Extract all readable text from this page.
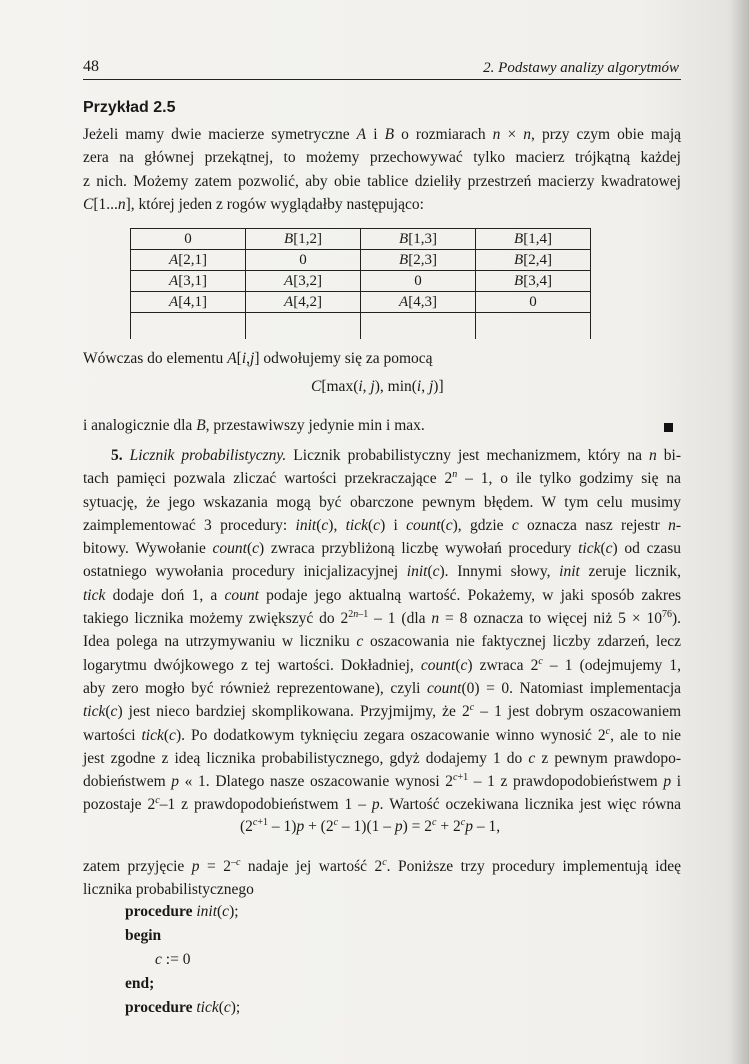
48	2. Podstawy analizy algorytmów
Przykład 2.5
Jeżeli mamy dwie macierze symetryczne A i B o rozmiarach n × n, przy czym obie mają
zera na głównej przekątnej, to możemy przechowywać tylko macierz trójkątną każdej
z nich. Możemy zatem pozwolić, aby obie tablice dzieliły przestrzeń macierzy kwadratowej
C[1...n], której jeden z rogów wyglądałby następująco:
0	B[1,2]	B[1,3]	B[1,4]
A[2,1]	0	B[2,3]	B[2,4]
A[3,1]	A[3,2]	0	B[3,4]
A[4,1]	A[4,2]	A[4,3]	0

Wówczas do elementu A[i,j] odwołujemy się za pomocą
C[max(i, j), min(i, j)]
i analogicznie dla B, przestawiwszy jedynie min i max.
5. Licznik probabilistyczny. Licznik probabilistyczny jest mechanizmem, który na n bi-
tach pamięci pozwala zliczać wartości przekraczające 2$^n$ – 1, o ile tylko godzimy się na
sytuację, że jego wskazania mogą być obarczone pewnym błędem. W tym celu musimy
zaimplementować 3 procedury: init(c), tick(c) i count(c), gdzie c oznacza nasz rejestr n-
bitowy. Wywołanie count(c) zwraca przybliżoną liczbę wywołań procedury tick(c) od czasu
ostatniego wywołania procedury inicjalizacyjnej init(c). Innymi słowy, init zeruje licznik,
tick dodaje doń 1, a count podaje jego aktualną wartość. Pokażemy, w jaki sposób zakres
takiego licznika możemy zwiększyć do $2^{2n-1} - 1$ (dla n = 8 oznacza to więcej niż $5 \times 10^{76}$).
Idea polega na utrzymywaniu w liczniku c oszacowania nie faktycznej liczby zdarzeń, lecz
logarytmu dwójkowego z tej wartości. Dokładniej, count(c) zwraca 2$^c$ – 1 (odejmujemy 1,
aby zero mogło być również reprezentowane), czyli count(0) = 0. Natomiast implementacja
tick(c) jest nieco bardziej skomplikowana. Przyjmijmy, że 2$^c$ – 1 jest dobrym oszacowaniem
wartości tick(c). Po dodatkowym tyknięciu zegara oszacowanie winno wynosić 2$^c$, ale to nie
jest zgodne z ideą licznika probabilistycznego, gdyż dodajemy 1 do c z pewnym prawdopo-
dobieństwem p « 1. Dlatego nasze oszacowanie wynosi $2^{c+1} - 1$ z prawdopodobieństwem p i
pozostaje 2$^c$–1 z prawdopodobieństwem 1 – p. Wartość oczekiwana licznika jest więc równa
$(2^{c+1} - 1)p + (2^c - 1)(1 - p) = 2^c + 2^cp - 1$,
zatem przyjęcie $p = 2^{-c}$ nadaje jej wartość 2$^c$. Poniższe trzy procedury implementują ideę
licznika probabilistycznego
procedure init(c);
begin
c := 0
end;
procedure tick(c);
